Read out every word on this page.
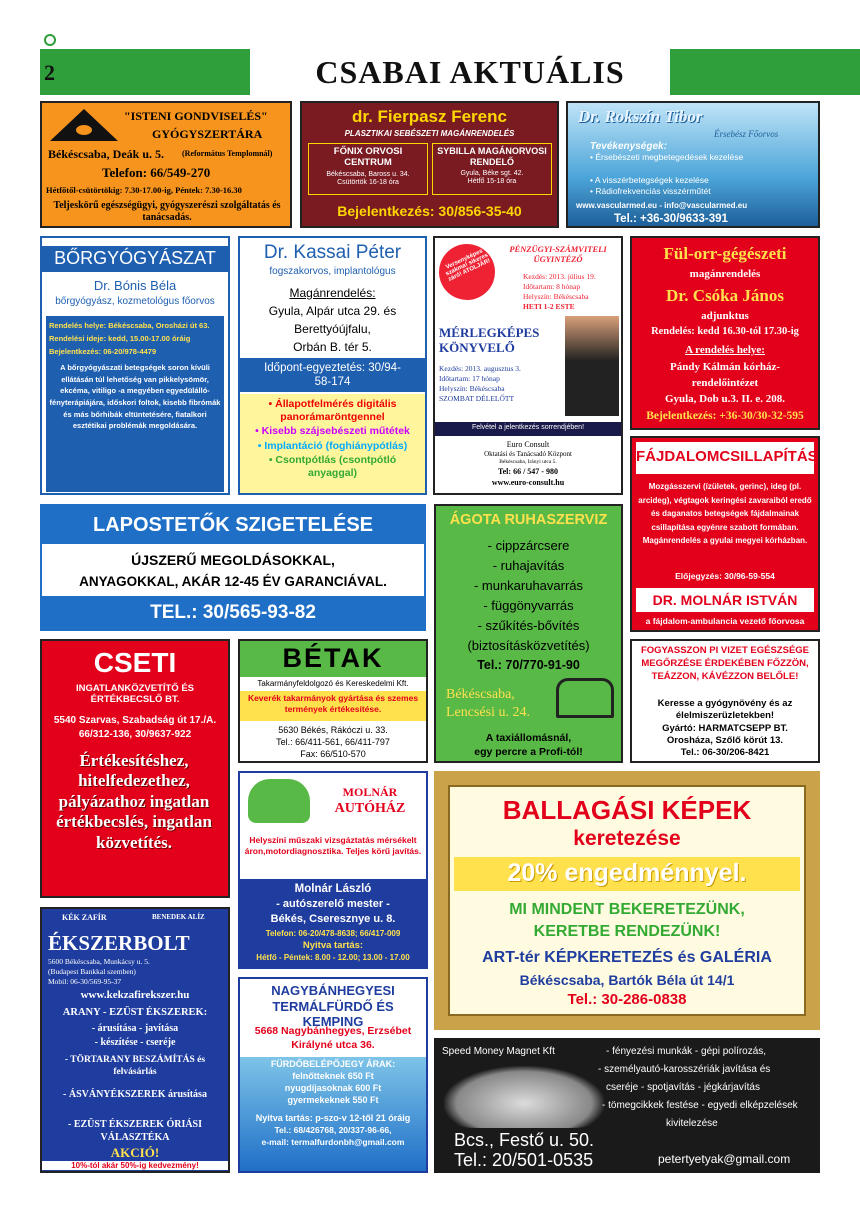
2	CSABAI AKTUÁLIS
"ISTENI GONDVISELÉS"
GYÓGYSZERTÁRA
Békéscsaba, Deák u. 5. (Református Templomnál)
Telefon: 66/549-270
Hétfőtől-csütörtökig: 7.30-17.00-ig, Péntek: 7.30-16.30
Teljeskörű egészségügyi, gyógyszerészi szolgáltatás és tanácsadás.
dr. Fierpasz Ferenc
PLASZTIKAI SEBÉSZETI MAGÁNRENDELÉS
FŐNIX ORVOSI CENTRUM
Békéscsaba, Baross u. 34.
Csütörtök 16-18 óra
SYBILLA MAGÁNORVOSI RENDELŐ
Gyula, Béke sgt. 42.
Hétfő 15-18 óra
Bejelentkezés: 30/856-35-40
Dr. Rokszín Tibor
Érsebész Főorvos
Tevékenységek:
• Érsebészeti megbetegedések kezelése
• A visszérbetegségek kezelése
• Rádiofrekvenciás visszérműtét
www.vascularmed.eu - info@vascularmed.eu
Tel.: +36-30/9633-391
BŐRGYÓGYÁSZAT
Dr. Bónis Béla
bőrgyógyász, kozmetológus főorvos
Rendelés helye: Békéscsaba, Orosházi út 63.
Rendelési ideje: kedd, 15.00-17.00 óráig
Bejelentkezés: 06-20/978-4479
A bőrgyógyászati betegségek soron kívüli ellátásán túl lehetőség van pikkelysömör, ekcéma, vitiligo -a megyében egyedülálló- fényterápiájára, időskori foltok, kisebb fibrómák és más bőrhibák eltüntetésére, fiatalkori esztétikai problémák megoldására.
Dr. Kassai Péter
fogszakorvos, implantológus
Magánrendelés:
Gyula, Alpár utca 29. és
Berettyóújfalu,
Orbán B. tér 5.
Időpont-egyeztetés: 30/94-58-174
• Állapotfelmérés digitális panorámaröntgennel
• Kisebb szájsebészeti műtétek
• Implantáció (foghiánypótlás)
• Csontpótlás (csontpótló anyaggal)
Versenyképes szakma! sikeres záró! ATOLJÁR!
PÉNZÜGYI-SZÁMVITELI ÜGYINTÉZŐ
Kezdés: 2013. július 19.
Időtartam: 8 hónap
Helyszín: Békéscsaba
HETI 1-2 ESTE
MÉRLEGKÉPES KÖNYVELŐ
Kezdés: 2013. augusztus 3.
Időtartam: 17 hónap
Helyszín: Békéscsaba
SZOMBAT DÉLELŐTT
Felvétel a jelentkezés sorrendjében!
Euro Consult
Oktatási és Tanácsadó Központ
Békéscsaba, Irányi utca 5.
Tel: 66 / 547 - 980
www.euro-consult.hu
Fül-orr-gégészeti
magánrendelés
Dr. Csóka János
adjunktus
Rendelés: kedd 16.30-tól 17.30-ig
A rendelés helye:
Pándy Kálmán kórház-
rendelőintézet
Gyula, Dob u.3. II. e. 208.
Bejelentkezés: +36-30/30-32-595
FÁJDALOMCSILLAPÍTÁS
Mozgásszervi (ízületek, gerinc), ideg (pl. arcideg), végtagok keringési zavaraiból eredő és daganatos betegségek fájdalmainak csillapítása egyénre szabott formában. Magánrendelés a gyulai megyei kórházban.
Előjegyzés: 30/96-59-554
DR. MOLNÁR ISTVÁN
a fájdalom-ambulancia vezető főorvosa
LAPOSTETŐK SZIGETELÉSE
ÚJSZERŰ MEGOLDÁSOKKAL,
ANYAGOKKAL, AKÁR 12-45 ÉV GARANCIÁVAL.
TEL.: 30/565-93-82
ÁGOTA RUHASZERVIZ
- cippzárcsere
- ruhajavítás
- munkaruhavarrás
- függönyvarrás
- szűkítés-bővítés
(biztosításközvetítés)
Tel.: 70/770-91-90
Békéscsaba, Lencsési u. 24.
A taxiállomásnál,
egy percre a Profi-tól!
FOGYASSZON PI VIZET EGÉSZSÉGE MEGŐRZÉSE ÉRDEKÉBEN FŐZZÖN, TEÁZZON, KÁVÉZZON BELŐLE!
Keresse a gyógynövény és az élelmiszerüzletekben!
Gyártó: HARMATCSEPP BT.
Orosháza, Szőlő körút 13.
Tel.: 06-30/206-8421
CSETI
INGATLANKÖZVETÍTŐ ÉS ÉRTÉKBECSLŐ BT.
5540 Szarvas, Szabadság út 17./A.
66/312-136, 30/9637-922
Értékesítéshez, hitelfedezethez, pályázathoz ingatlan értékbecslés, ingatlan közvetítés.
BÉTAK
Takarmányfeldolgozó és Kereskedelmi Kft.
Keverék takarmányok gyártása és szemes termények értékesítése.
5630 Békés, Rákóczi u. 33.
Tel.: 66/411-561, 66/411-797
Fax: 66/510-570
MOLNÁR
AUTÓHÁZ
Helyszíni műszaki vizsgáztatás mérsékelt áron,motordiagnosztika. Teljes körű javítás.
Molnár László
- autószerelő mester -
Békés, Cseresznye u. 8.
Telefon: 06-20/478-8638; 66/417-009
Nyitva tartás:
Hétfő - Péntek: 8.00 - 12.00; 13.00 - 17.00
BALLAGÁSI KÉPEK
keretezése
20% engedménnyel.
MI MINDENT BEKERETEZÜNK,
KERETBE RENDEZÜNK!
ART-tér KÉPKERETEZÉS és GALÉRIA
Békéscsaba, Bartók Béla út 14/1
Tel.: 30-286-0838
KÉK ZAFÍR	BENEDEK ALÍZ
ÉKSZERBOLT
5600 Békéscsaba, Munkácsy u. 5.
(Budapest Bankkal szemben)
Mobil: 06-30/569-95-37
www.kekzafirekszer.hu
ARANY - EZÜST ÉKSZEREK:
- árusítása - javítása
- készítése - cseréje
- TÖRTARANY BESZÁMÍTÁS és felvásárlás
- ÁSVÁNYÉKSZEREK árusítása
- EZÜST ÉKSZEREK ÓRIÁSI VÁLASZTÉKA
AKCIÓ!
10%-tól akár 50%-ig kedvezmény!
NAGYBÁNHEGYESI TERMÁLFÜRDŐ ÉS KEMPING
5668 Nagybánhegyes, Erzsébet Királyné utca 36.
FÜRDŐBELÉPŐJEGY ÁRAK:
felnőtteknek 650 Ft
nyugdíjasoknak 600 Ft
gyermekeknek 550 Ft
Nyitva tartás: p-szo-v 12-től 21 óráig
Tel.: 68/426768, 20/337-96-66,
e-mail: termalfurdonbh@gmail.com
Speed Money Magnet Kft	- fényezési munkák - gépi polírozás,
- személyautó-karosszériák javítása és
cseréje - spotjavítás - jégkárjavítás
- tömegcikkek festése - egyedi elképzelések
kivitelezése
Bcs., Festő u. 50.
Tel.: 20/501-0535	petertyetyak@gmail.com
